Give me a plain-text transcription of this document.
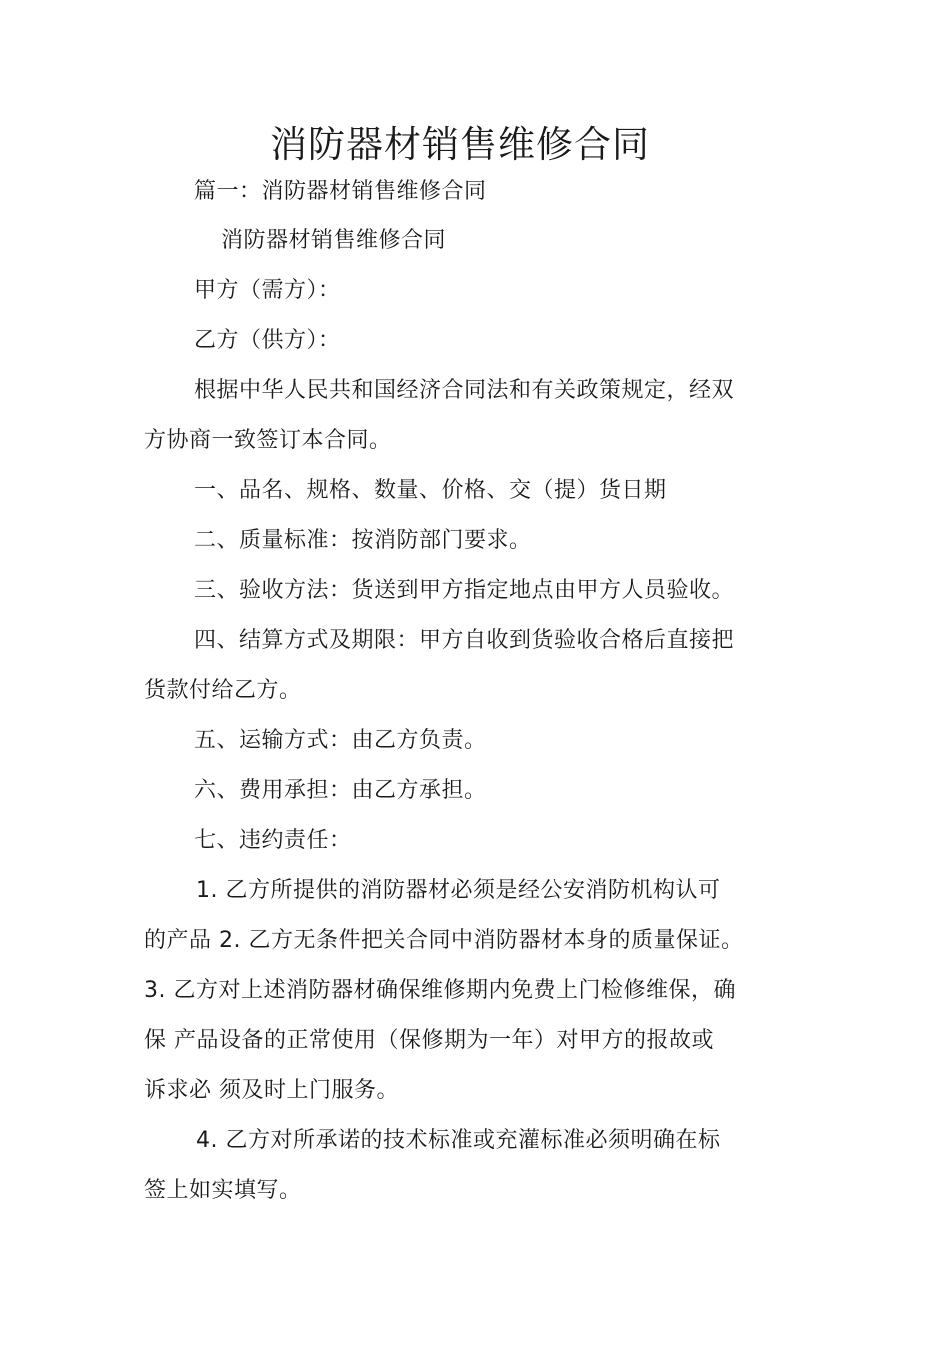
消防器材销售维修合同
篇一：消防器材销售维修合同
消防器材销售维修合同
甲方（需方）：
乙方（供方）：
根据中华人民共和国经济合同法和有关政策规定，经双
方协商一致签订本合同。
一、品名、规格、数量、价格、交（提）货日期
二、质量标准：按消防部门要求。
三、验收方法：货送到甲方指定地点由甲方人员验收。
四、结算方式及期限：甲方自收到货验收合格后直接把
货款付给乙方。
五、运输方式：由乙方负责。
六、费用承担：由乙方承担。
七、违约责任：
1. 乙方所提供的消防器材必须是经公安消防机构认可
的产品 2. 乙方无条件把关合同中消防器材本身的质量保证。
3. 乙方对上述消防器材确保维修期内免费上门检修维保，确
保 产品设备的正常使用（保修期为一年）对甲方的报故或
诉求必 须及时上门服务。
4. 乙方对所承诺的技术标准或充灌标准必须明确在标
签上如实填写。
